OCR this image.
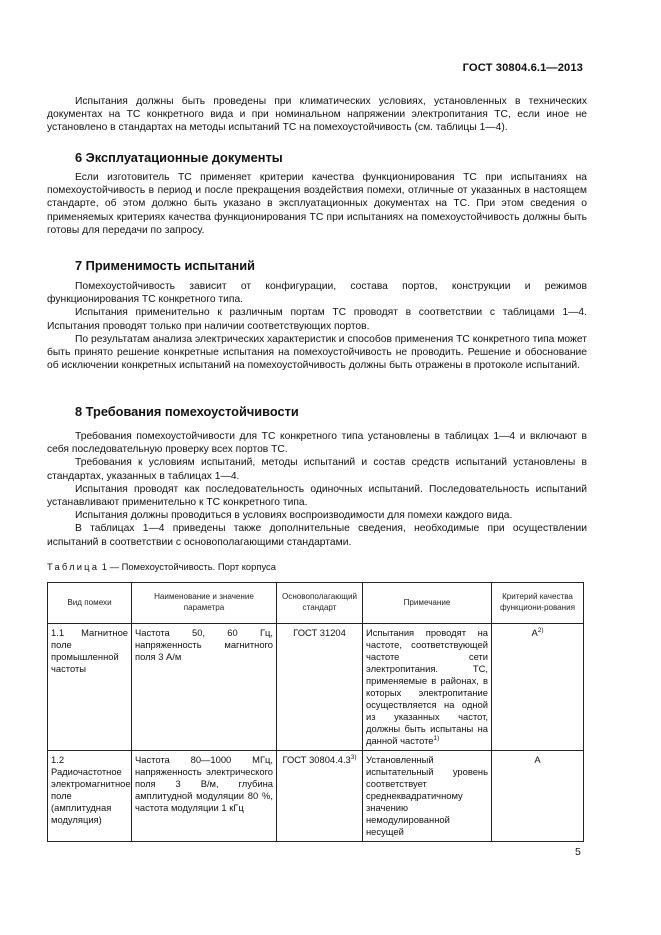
ГОСТ 30804.6.1—2013

Испытания должны быть проведены при климатических условиях, установленных в технических документах на ТС конкретного вида и при номинальном напряжении электропитания ТС, если иное не установлено в стандартах на методы испытаний ТС на помехоустойчивость (см. таблицы 1—4).

6 Эксплуатационные документы

Если изготовитель ТС применяет критерии качества функционирования ТС при испытаниях на помехоустойчивость в период и после прекращения воздействия помехи, отличные от указанных в настоящем стандарте, об этом должно быть указано в эксплуатационных документах на ТС. При этом сведения о применяемых критериях качества функционирования ТС при испытаниях на помехоустойчивость должны быть готовы для передачи по запросу.

7 Применимость испытаний

Помехоустойчивость зависит от конфигурации, состава портов, конструкции и режимов функционирования ТС конкретного типа.

Испытания применительно к различным портам ТС проводят в соответствии с таблицами 1—4. Испытания проводят только при наличии соответствующих портов.

По результатам анализа электрических характеристик и способов применения ТС конкретного типа может быть принято решение конкретные испытания на помехоустойчивость не проводить. Решение и обоснование об исключении конкретных испытаний на помехоустойчивость должны быть отражены в протоколе испытаний.

8 Требования помехоустойчивости

Требования помехоустойчивости для ТС конкретного типа установлены в таблицах 1—4 и включают в себя последовательную проверку всех портов ТС.

Требования к условиям испытаний, методы испытаний и состав средств испытаний установлены в стандартах, указанных в таблицах 1—4.

Испытания проводят как последовательность одиночных испытаний. Последовательность испытаний устанавливают применительно к ТС конкретного типа.

Испытания должны проводиться в условиях воспроизводимости для помехи каждого вида.

В таблицах 1—4 приведены также дополнительные сведения, необходимые при осуществлении испытаний в соответствии с основополагающими стандартами.

Таблица 1 — Помехоустойчивость. Порт корпуса
Вид помехи	Наименование и значение параметра	Основополагающий стандарт	Примечание	Критерий качества функциони-рования
1.1 Магнитное поле промышленной частоты	Частота 50, 60 Гц, напряженность магнитного поля 3 А/м	ГОСТ 31204	Испытания проводят на частоте, соответствующей частоте сети электропитания. ТС, применяемые в районах, в которых электропитание осуществляется на одной из указанных частот, должны быть испытаны на данной частоте$^{1)}$	$А^{2)}$
1.2 Радиочастотное электромагнитное поле (амплитудная модуляция)	Частота 80—1000 МГц, напряженность электрического поля 3 В/м, глубина амплитудной модуляции 80 %, частота модуляции 1 кГц	ГОСТ 30804.4.3$^{3)}$	Установленный испытательный уровень соответствует среднеквадратичному значению немодулированной несущей	А
5
